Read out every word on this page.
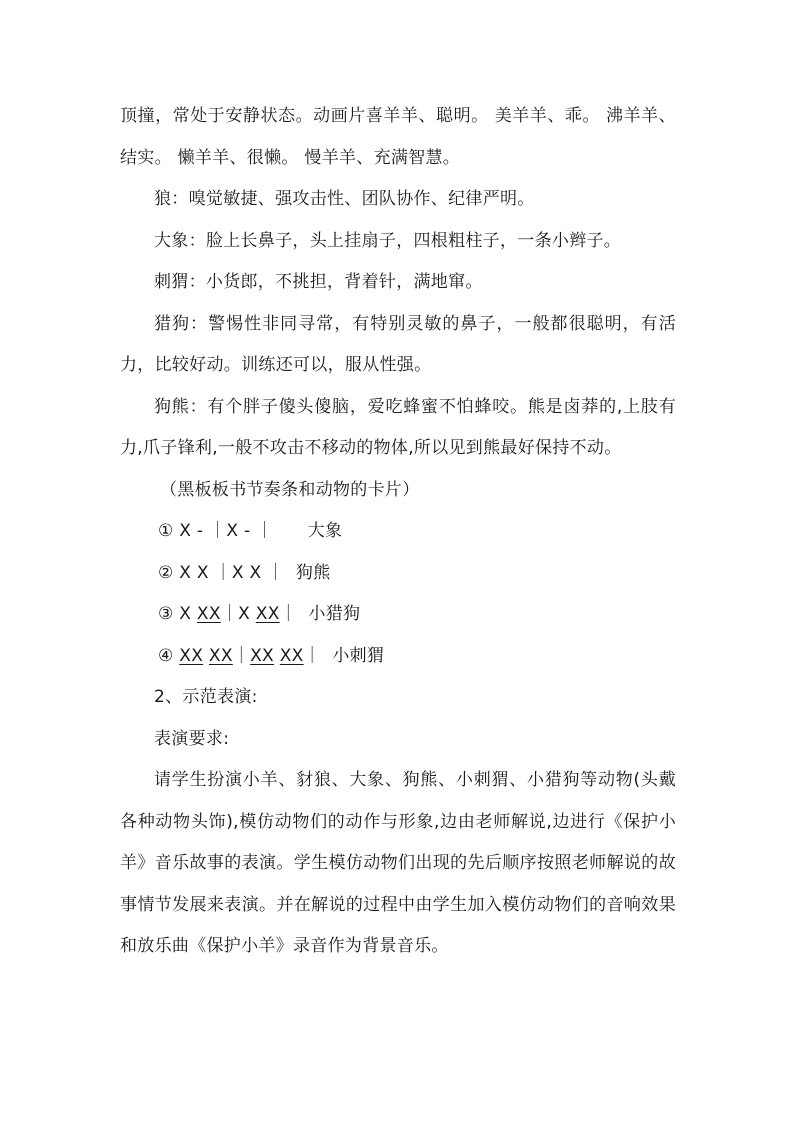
顶撞，常处于安静状态。动画片喜羊羊、聪明。 美羊羊、乖。 沸羊羊、结实。 懒羊羊、很懒。 慢羊羊、充满智慧。

狼：嗅觉敏捷、强攻击性、团队协作、纪律严明。

大象：脸上长鼻子，头上挂扇子，四根粗柱子，一条小辫子。

刺猬：小货郎，不挑担，背着针，满地窜。

猎狗：警惕性非同寻常，有特别灵敏的鼻子，一般都很聪明，有活力，比较好动。训练还可以，服从性强。

狗熊：有个胖子傻头傻脑，爱吃蜂蜜不怕蜂咬。熊是卤莽的,上肢有力,爪子锋利,一般不攻击不移动的物体,所以见到熊最好保持不动。

（黑板板书节奏条和动物的卡片）

① X - ｜X - ｜ 大象

② X X ｜X X ｜ 狗熊

③ X XX｜X XX｜ 小猎狗

④ XX XX｜XX XX｜ 小刺猬

2、示范表演:

表演要求:

请学生扮演小羊、豺狼、大象、狗熊、小刺猬、小猎狗等动物(头戴各种动物头饰),模仿动物们的动作与形象,边由老师解说,边进行《保护小羊》音乐故事的表演。学生模仿动物们出现的先后顺序按照老师解说的故事情节发展来表演。并在解说的过程中由学生加入模仿动物们的音响效果和放乐曲《保护小羊》录音作为背景音乐。
